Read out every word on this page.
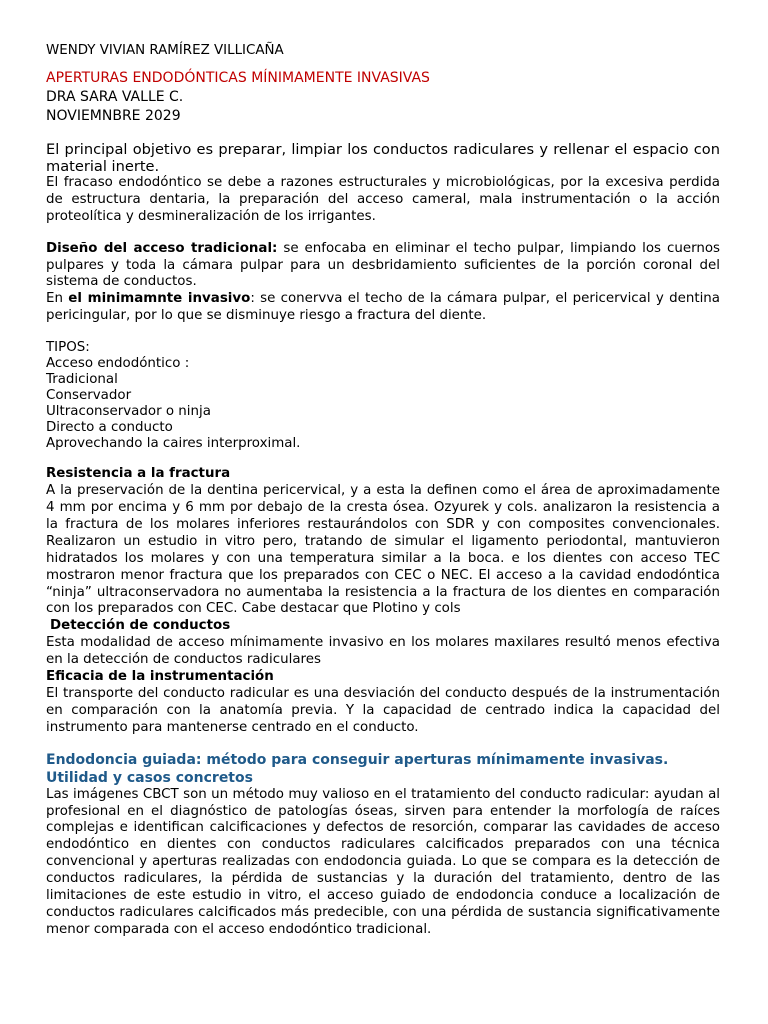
WENDY VIVIAN RAMÍREZ VILLICAÑA
APERTURAS ENDODÓNTICAS MÍNIMAMENTE INVASIVAS
DRA SARA VALLE C.
NOVIEMNBRE 2029
El principal objetivo es preparar, limpiar los conductos radiculares y rellenar el espacio con material inerte.
El fracaso endodóntico se debe a razones estructurales y microbiológicas, por la excesiva perdida de estructura dentaria, la preparación del acceso cameral, mala instrumentación o la acción proteolítica y desmineralización de los irrigantes.
Diseño del acceso tradicional: se enfocaba en eliminar el techo pulpar, limpiando los cuernos pulpares y toda la cámara pulpar para un desbridamiento suficientes de la porción coronal del sistema de conductos.
En el minimamnte invasivo: se conervva el techo de la cámara pulpar, el pericervical y dentina pericingular, por lo que se disminuye riesgo a fractura del diente.
TIPOS:
Acceso endodóntico :
Tradicional
Conservador
Ultraconservador o ninja
Directo a conducto
Aprovechando la caires interproximal.
Resistencia a la fractura
A la preservación de la dentina pericervical, y a esta la definen como el área de aproximadamente 4 mm por encima y 6 mm por debajo de la cresta ósea. Ozyurek y cols. analizaron la resistencia a la fractura de los molares inferiores restaurándolos con SDR y con composites convencionales. Realizaron un estudio in vitro pero, tratando de simular el ligamento periodontal, mantuvieron hidratados los molares y con una temperatura similar a la boca. e los dientes con acceso TEC mostraron menor fractura que los preparados con CEC o NEC. El acceso a la cavidad endodóntica “ninja” ultraconservadora no aumentaba la resistencia a la fractura de los dientes en comparación con los preparados con CEC. Cabe destacar que Plotino y cols
Detección de conductos
Esta modalidad de acceso mínimamente invasivo en los molares maxilares resultó menos efectiva en la detección de conductos radiculares
Eficacia de la instrumentación
El transporte del conducto radicular es una desviación del conducto después de la instrumentación en comparación con la anatomía previa. Y la capacidad de centrado indica la capacidad del instrumento para mantenerse centrado en el conducto.
Endodoncia guiada: método para conseguir aperturas mínimamente invasivas. Utilidad y casos concretos
Las imágenes CBCT son un método muy valioso en el tratamiento del conducto radicular: ayudan al profesional en el diagnóstico de patologías óseas, sirven para entender la morfología de raíces complejas e identifican calcificaciones y defectos de resorción, comparar las cavidades de acceso endodóntico en dientes con conductos radiculares calcificados preparados con una técnica convencional y aperturas realizadas con endodoncia guiada. Lo que se compara es la detección de conductos radiculares, la pérdida de sustancias y la duración del tratamiento, dentro de las limitaciones de este estudio in vitro, el acceso guiado de endodoncia conduce a localización de conductos radiculares calcificados más predecible, con una pérdida de sustancia significativamente menor comparada con el acceso endodóntico tradicional.
